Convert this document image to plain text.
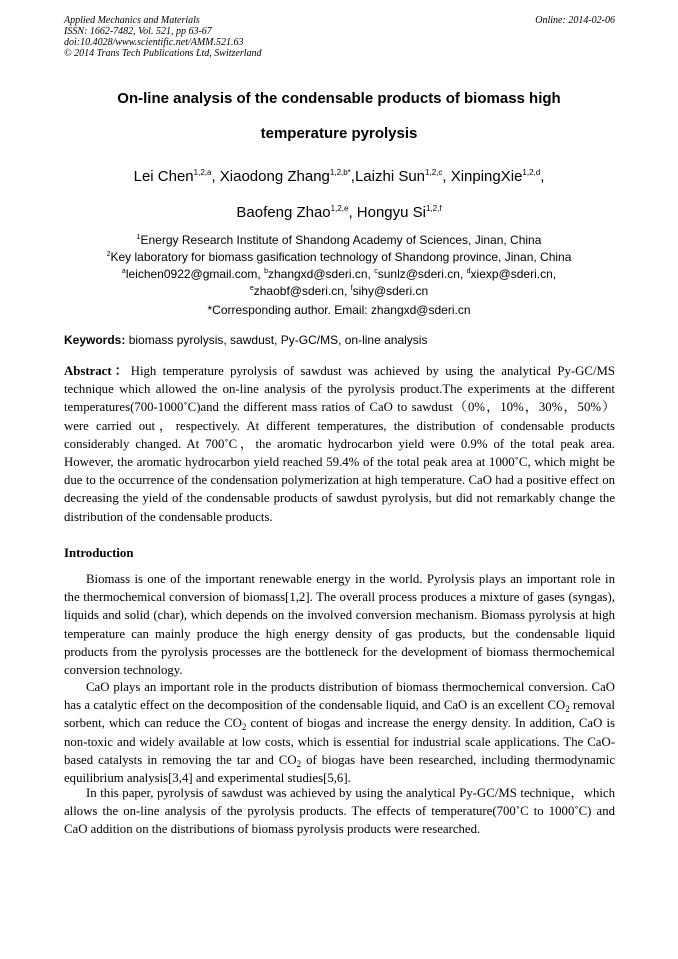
Applied Mechanics and Materials
ISSN: 1662-7482, Vol. 521, pp 63-67
doi:10.4028/www.scientific.net/AMM.521.63
© 2014 Trans Tech Publications Ltd, Switzerland
Online: 2014-02-06
On-line analysis of the condensable products of biomass high
temperature pyrolysis
Lei Chen$^{1,2,a}$, Xiaodong Zhang$^{1,2,b*}$,Laizhi Sun$^{1,2,c}$, XinpingXie$^{1,2,d}$,
Baofeng Zhao$^{1,2,e}$, Hongyu Si$^{1,2,f}$
$^1$Energy Research Institute of Shandong Academy of Sciences, Jinan, China
$^2$Key laboratory for biomass gasification technology of Shandong province, Jinan, China
$^a$leichen0922@gmail.com, $^b$zhangxd@sderi.cn, $^c$sunlz@sderi.cn, $^d$xiexp@sderi.cn,
$^e$zhaobf@sderi.cn, $^f$sihy@sderi.cn
*Corresponding author. Email: zhangxd@sderi.cn
Keywords: biomass pyrolysis, sawdust, Py-GC/MS, on-line analysis
Abstract：High temperature pyrolysis of sawdust was achieved by using the analytical Py-GC/MS technique which allowed the on-line analysis of the pyrolysis product.The experiments at the different temperatures(700-1000˚C)and the different mass ratios of CaO to sawdust（0%，10%，30%，50%）were carried out，respectively. At different temperatures, the distribution of condensable products considerably changed. At 700˚C，the aromatic hydrocarbon yield were 0.9% of the total peak area. However, the aromatic hydrocarbon yield reached 59.4% of the total peak area at 1000˚C, which might be due to the occurrence of the condensation polymerization at high temperature. CaO had a positive effect on decreasing the yield of the condensable products of sawdust pyrolysis, but did not remarkably change the distribution of the condensable products.
Introduction
Biomass is one of the important renewable energy in the world. Pyrolysis plays an important role in the thermochemical conversion of biomass[1,2]. The overall process produces a mixture of gases (syngas), liquids and solid (char), which depends on the involved conversion mechanism. Biomass pyrolysis at high temperature can mainly produce the high energy density of gas products, but the condensable liquid products from the pyrolysis processes are the bottleneck for the development of biomass thermochemical conversion technology.
CaO plays an important role in the products distribution of biomass thermochemical conversion. CaO has a catalytic effect on the decomposition of the condensable liquid, and CaO is an excellent $CO_2$ removal sorbent, which can reduce the $CO_2$ content of biogas and increase the energy density. In addition, CaO is non-toxic and widely available at low costs, which is essential for industrial scale applications. The CaO-based catalysts in removing the tar and $CO_2$ of biogas have been researched, including thermodynamic equilibrium analysis[3,4] and experimental studies[5,6].
In this paper, pyrolysis of sawdust was achieved by using the analytical Py-GC/MS technique，which allows the on-line analysis of the pyrolysis products. The effects of temperature(700˚C to 1000˚C) and CaO addition on the distributions of biomass pyrolysis products were researched.
